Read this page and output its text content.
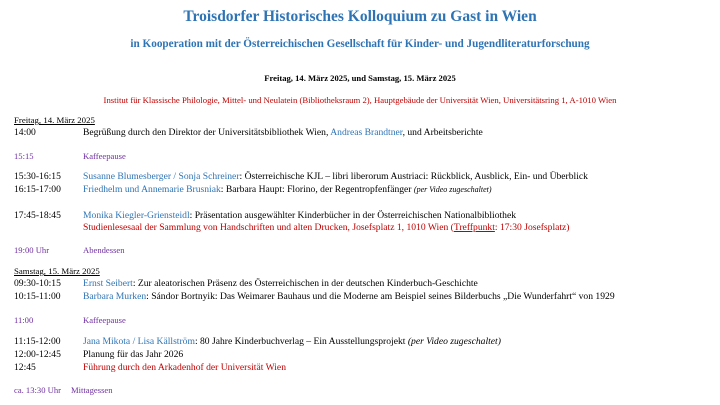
Troisdorfer Historisches Kolloquium zu Gast in Wien
in Kooperation mit der Österreichischen Gesellschaft für Kinder- und Jugendliteraturforschung
Freitag, 14. März 2025, und Samstag, 15. März 2025
Institut für Klassische Philologie, Mittel- und Neulatein (Bibliotheksraum 2), Hauptgebäude der Universität Wien, Universitätsring 1, A-1010 Wien
Freitag, 14. März 2025
14:00	Begrüßung durch den Direktor der Universitätsbibliothek Wien, Andreas Brandtner, und Arbeitsberichte
15:15	Kaffeepause
15:30-16:15 Susanne Blumesberger / Sonja Schreiner: Österreichische KJL – libri liberorum Austriaci: Rückblick, Ausblick, Ein- und Überblick
16:15-17:00 Friedhelm und Annemarie Brusniak: Barbara Haupt: Florino, der Regentropfenfänger (per Video zugeschaltet)
17:45-18:45 Monika Kiegler-Griensteidl: Präsentation ausgewählter Kinderbücher in der Österreichischen Nationalbibliothek
Studienlesesaal der Sammlung von Handschriften und alten Drucken, Josefsplatz 1, 1010 Wien (Treffpunkt: 17:30 Josefsplatz)
19:00 Uhr	Abendessen
Samstag, 15. März 2025
09:30-10:15 Ernst Seibert: Zur aleatorischen Präsenz des Österreichischen in der deutschen Kinderbuch-Geschichte
10:15-11:00 Barbara Murken: Sándor Bortnyik: Das Weimarer Bauhaus und die Moderne am Beispiel seines Bilderbuchs „Die Wunderfahrt“ von 1929
11:00	Kaffeepause
11:15-12:00 Jana Mikota / Lisa Källström: 80 Jahre Kinderbuchverlag – Ein Ausstellungsprojekt (per Video zugeschaltet)
12:00-12:45 Planung für das Jahr 2026
12:45	Führung durch den Arkadenhof der Universität Wien
ca. 13:30 Uhr Mittagessen
